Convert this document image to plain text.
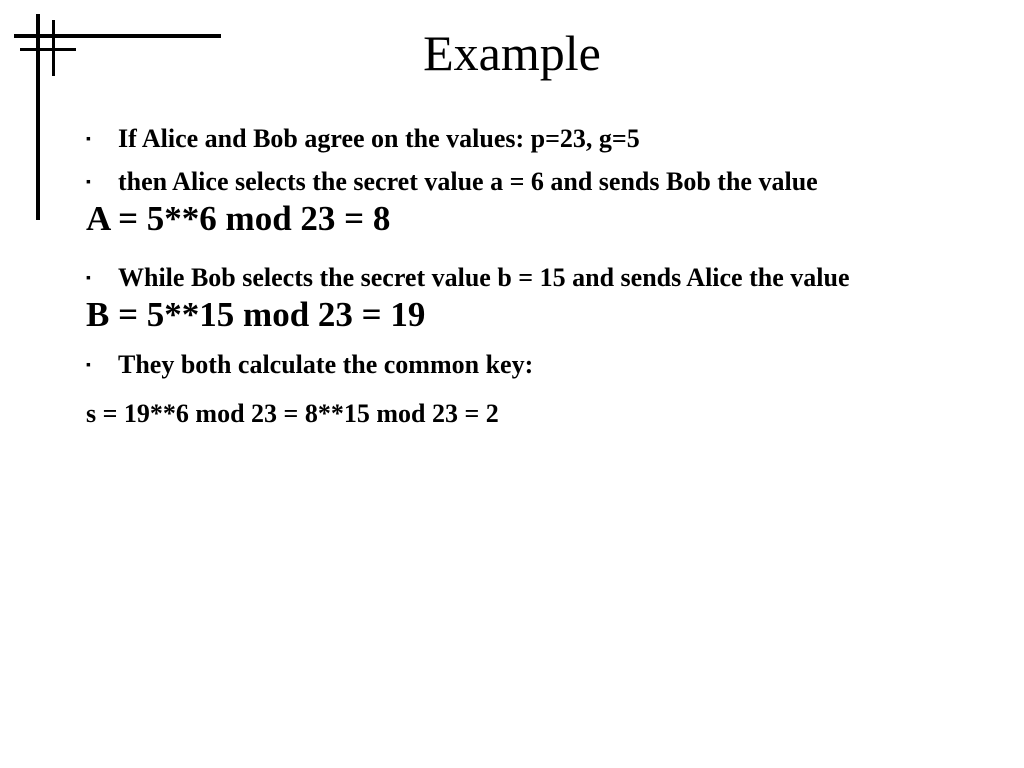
Example
▪ If Alice and Bob agree on the values: p=23, g=5
▪ then Alice selects the secret value a = 6 and sends Bob the value
A = 5**6 mod 23 = 8
▪ While Bob selects the secret value b = 15 and sends Alice the value
B = 5**15 mod 23 = 19
▪ They both calculate the common key:
s = 19**6 mod 23 = 8**15 mod 23 = 2
